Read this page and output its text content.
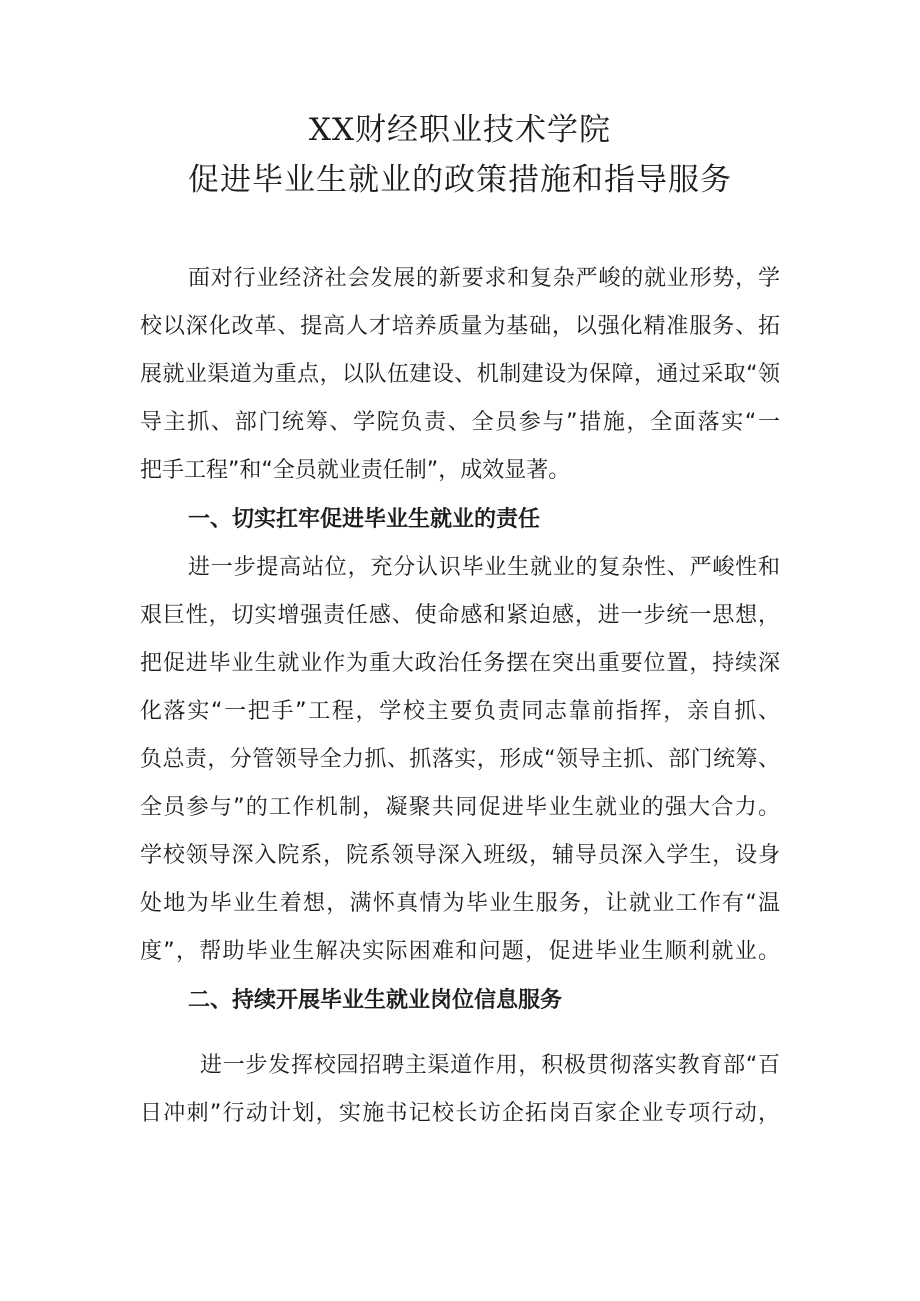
XX财经职业技术学院
促进毕业生就业的政策措施和指导服务
面对行业经济社会发展的新要求和复杂严峻的就业形势，学
校以深化改革、提高人才培养质量为基础，以强化精准服务、拓
展就业渠道为重点，以队伍建设、机制建设为保障，通过采取“领
导主抓、部门统筹、学院负责、全员参与”措施，全面落实“一
把手工程”和“全员就业责任制”，成效显著。
一、切实扛牢促进毕业生就业的责任
进一步提高站位，充分认识毕业生就业的复杂性、严峻性和
艰巨性，切实增强责任感、使命感和紧迫感，进一步统一思想，
把促进毕业生就业作为重大政治任务摆在突出重要位置，持续深
化落实“一把手”工程，学校主要负责同志靠前指挥，亲自抓、
负总责，分管领导全力抓、抓落实，形成“领导主抓、部门统筹、
全员参与”的工作机制，凝聚共同促进毕业生就业的强大合力。
学校领导深入院系，院系领导深入班级，辅导员深入学生，设身
处地为毕业生着想，满怀真情为毕业生服务，让就业工作有“温
度”，帮助毕业生解决实际困难和问题，促进毕业生顺利就业。
二、持续开展毕业生就业岗位信息服务
进一步发挥校园招聘主渠道作用，积极贯彻落实教育部“百
日冲刺”行动计划，实施书记校长访企拓岗百家企业专项行动，
